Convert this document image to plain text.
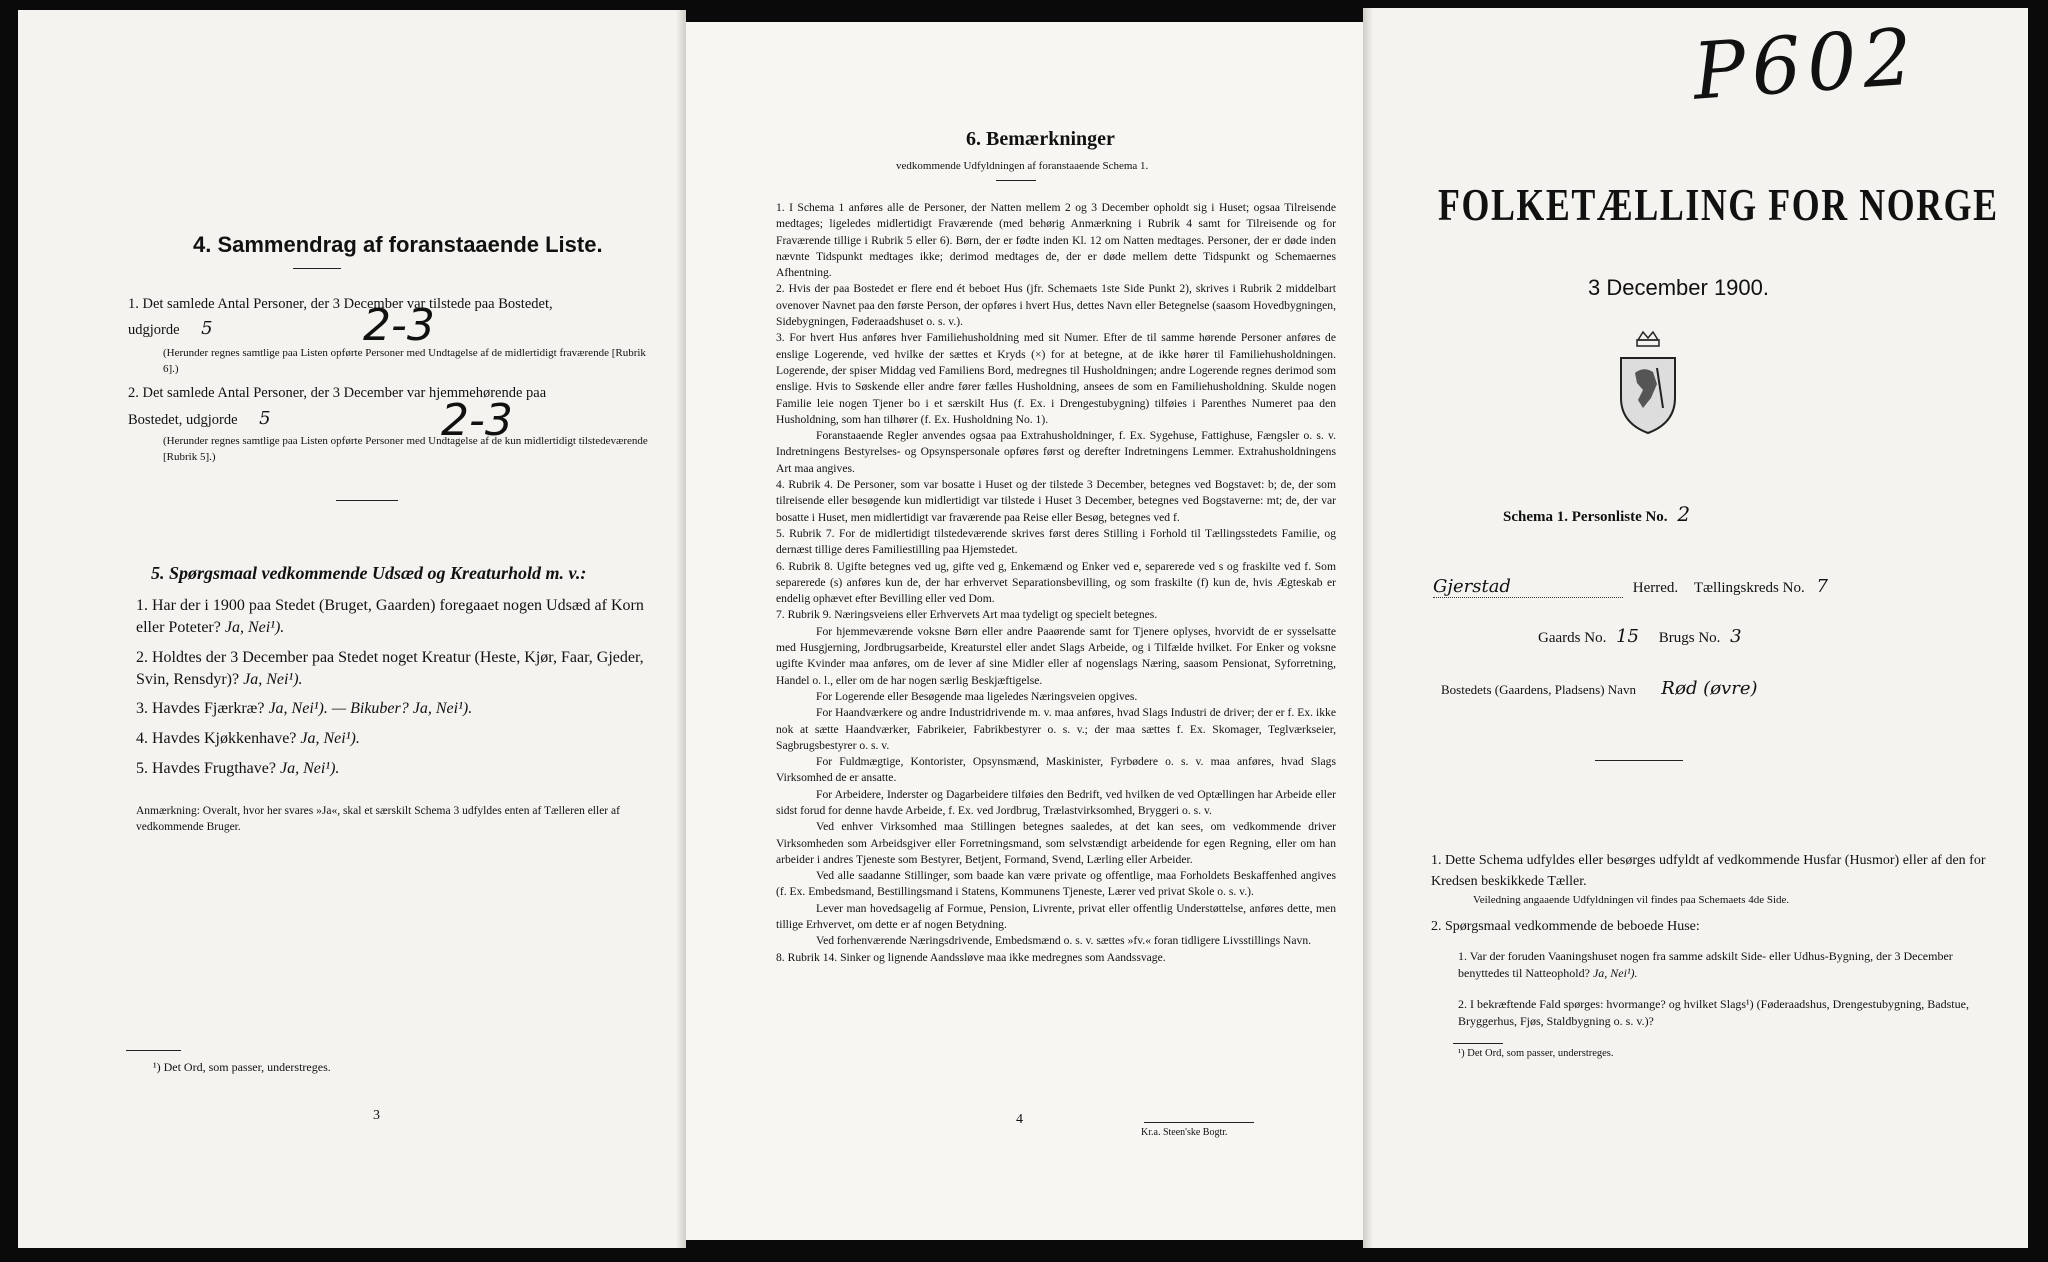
4. Sammendrag af foranstaaende Liste.
1. Det samlede Antal Personer, der 3 December var tilstede paa Bostedet,
udgjorde 5	2-3
(Herunder regnes samtlige paa Listen opførte Personer med Undtagelse af de midlertidigt fraværende [Rubrik 6].)
2. Det samlede Antal Personer, der 3 December var hjemmehørende paa
Bostedet, udgjorde 5	2-3
(Herunder regnes samtlige paa Listen opførte Personer med Undtagelse af de kun midlertidigt tilstedeværende [Rubrik 5].)
5. Spørgsmaal vedkommende Udsæd og Kreaturhold m. v.:
1. Har der i 1900 paa Stedet (Bruget, Gaarden) foregaaet nogen Udsæd af Korn eller Poteter? Ja, Nei¹).
2. Holdtes der 3 December paa Stedet noget Kreatur (Heste, Kjør, Faar, Gjeder, Svin, Rensdyr)? Ja, Nei¹).
3. Havdes Fjærkræ? Ja, Nei¹). — Bikuber? Ja, Nei¹).
4. Havdes Kjøkkenhave? Ja, Nei¹).
5. Havdes Frugthave? Ja, Nei¹).
Anmærkning: Overalt, hvor her svares »Ja«, skal et særskilt Schema 3 udfyldes enten af Tælleren eller af vedkommende Bruger.
¹) Det Ord, som passer, understreges.
3
6. Bemærkninger
vedkommende Udfyldningen af foranstaaende Schema 1.

1. I Schema 1 anføres alle de Personer, der Natten mellem 2 og 3 December opholdt sig i Huset; ogsaa Tilreisende medtages; ligeledes midlertidigt Fraværende (med behørig Anmærkning i Rubrik 4 samt for Tilreisende og for Fraværende tillige i Rubrik 5 eller 6). Børn, der er fødte inden Kl. 12 om Natten medtages. Personer, der er døde inden nævnte Tidspunkt medtages ikke; derimod medtages de, der er døde mellem dette Tidspunkt og Schemaernes Afhentning.

2. Hvis der paa Bostedet er flere end ét beboet Hus (jfr. Schemaets 1ste Side Punkt 2), skrives i Rubrik 2 middelbart ovenover Navnet paa den første Person, der opføres i hvert Hus, dettes Navn eller Betegnelse (saasom Hovedbygningen, Sidebygningen, Føderaadshuset o. s. v.).

3. For hvert Hus anføres hver Familiehusholdning med sit Numer. Efter de til samme hørende Personer anføres de enslige Logerende, ved hvilke der sættes et Kryds (×) for at betegne, at de ikke hører til Familiehusholdningen. Logerende, der spiser Middag ved Familiens Bord, medregnes til Husholdningen; andre Logerende regnes derimod som enslige. Hvis to Søskende eller andre fører fælles Husholdning, ansees de som en Familiehusholdning. Skulde nogen Familie leie nogen Tjener bo i et særskilt Hus (f. Ex. i Drengestubygning) tilføies i Parenthes Numeret paa den Husholdning, som han tilhører (f. Ex. Husholdning No. 1).

Foranstaaende Regler anvendes ogsaa paa Extrahusholdninger, f. Ex. Sygehuse, Fattighuse, Fængsler o. s. v. Indretningens Bestyrelses- og Opsynspersonale opføres først og derefter Indretningens Lemmer. Extrahusholdningens Art maa angives.

4. Rubrik 4. De Personer, som var bosatte i Huset og der tilstede 3 December, betegnes ved Bogstavet: b; de, der som tilreisende eller besøgende kun midlertidigt var tilstede i Huset 3 December, betegnes ved Bogstaverne: mt; de, der var bosatte i Huset, men midlertidigt var fraværende paa Reise eller Besøg, betegnes ved f.

5. Rubrik 7. For de midlertidigt tilstedeværende skrives først deres Stilling i Forhold til Tællingsstedets Familie, og dernæst tillige deres Familiestilling paa Hjemstedet.

6. Rubrik 8. Ugifte betegnes ved ug, gifte ved g, Enkemænd og Enker ved e, separerede ved s og fraskilte ved f. Som separerede (s) anføres kun de, der har erhvervet Separationsbevilling, og som fraskilte (f) kun de, hvis Ægteskab er endelig ophævet efter Bevilling eller ved Dom.

7. Rubrik 9. Næringsveiens eller Erhvervets Art maa tydeligt og specielt betegnes.

For hjemmeværende voksne Børn eller andre Paaørende samt for Tjenere oplyses, hvorvidt de er sysselsatte med Husgjerning, Jordbrugsarbeide, Kreaturstel eller andet Slags Arbeide, og i Tilfælde hvilket. For Enker og voksne ugifte Kvinder maa anføres, om de lever af sine Midler eller af nogenslags Næring, saasom Pensionat, Syforretning, Handel o. l., eller om de har nogen særlig Beskjæftigelse.

For Logerende eller Besøgende maa ligeledes Næringsveien opgives.

For Haandværkere og andre Industridrivende m. v. maa anføres, hvad Slags Industri de driver; der er f. Ex. ikke nok at sætte Haandværker, Fabrikeier, Fabrikbestyrer o. s. v.; der maa sættes f. Ex. Skomager, Teglværkseier, Sagbrugsbestyrer o. s. v.

For Fuldmægtige, Kontorister, Opsynsmænd, Maskinister, Fyrbødere o. s. v. maa anføres, hvad Slags Virksomhed de er ansatte.

For Arbeidere, Inderster og Dagarbeidere tilføies den Bedrift, ved hvilken de ved Optællingen har Arbeide eller sidst forud for denne havde Arbeide, f. Ex. ved Jordbrug, Trælastvirksomhed, Bryggeri o. s. v.

Ved enhver Virksomhed maa Stillingen betegnes saaledes, at det kan sees, om vedkommende driver Virksomheden som Arbeidsgiver eller Forretningsmand, som selvstændigt arbeidende for egen Regning, eller om han arbeider i andres Tjeneste som Bestyrer, Betjent, Formand, Svend, Lærling eller Arbeider.

Ved alle saadanne Stillinger, som baade kan være private og offentlige, maa Forholdets Beskaffenhed angives (f. Ex. Embedsmand, Bestillingsmand i Statens, Kommunens Tjeneste, Lærer ved privat Skole o. s. v.).

Lever man hovedsagelig af Formue, Pension, Livrente, privat eller offentlig Understøttelse, anføres dette, men tillige Erhvervet, om dette er af nogen Betydning.

Ved forhenværende Næringsdrivende, Embedsmænd o. s. v. sættes »fv.« foran tidligere Livsstillings Navn.

8. Rubrik 14. Sinker og lignende Aandssløve maa ikke medregnes som Aandssvage.

4
Kr.a. Steen'ske Bogtr.
P602
FOLKETÆLLING FOR NORGE
3 December 1900.
Schema 1. Personliste No. 2
Gjerstad	Herred. Tællingskreds No. 7
Gaards No. 15 Brugs No. 3
Bostedets (Gaardens, Pladsens) Navn Rød (øvre)
1. Dette Schema udfyldes eller besørges udfyldt af vedkommende Husfar (Husmor) eller af den for Kredsen beskikkede Tæller.
Veiledning angaaende Udfyldningen vil findes paa Schemaets 4de Side.
2. Spørgsmaal vedkommende de beboede Huse:
1. Var der foruden Vaaningshuset nogen fra samme adskilt Side- eller Udhus-Bygning, der 3 December benyttedes til Natteophold? Ja, Nei¹).
2. I bekræftende Fald spørges: hvormange? og hvilket Slags¹) (Føderaadshus, Drengestubygning, Badstue, Bryggerhus, Fjøs, Staldbygning o. s. v.)?
¹) Det Ord, som passer, understreges.
